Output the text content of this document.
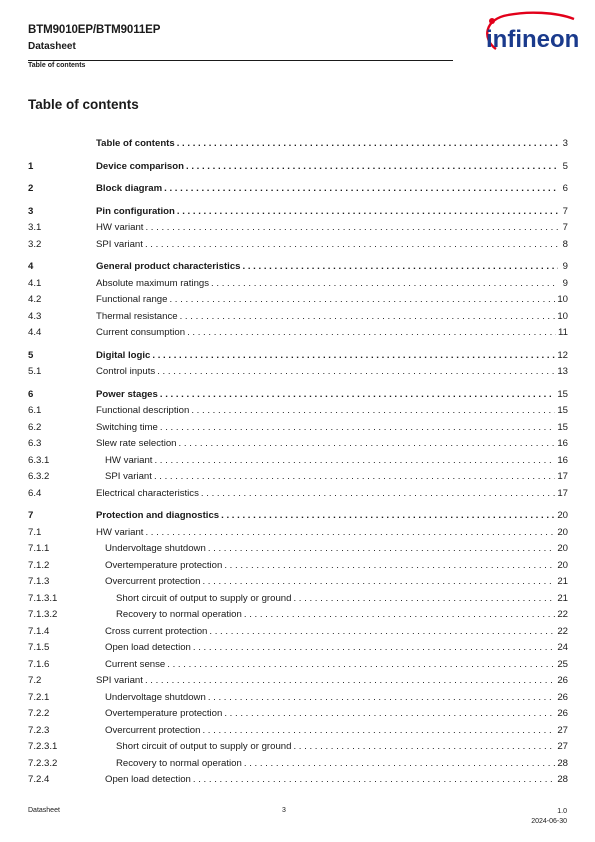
BTM9010EP/BTM9011EP
Datasheet
Table of contents
infineon
Table of contents
Table of contents . . .	3
1	Device comparison . . .	5
2	Block diagram . . .	6
3	Pin configuration . . .	7
3.1	HW variant . . .	7
3.2	SPI variant . . .	8
4	General product characteristics . . .	9
4.1	Absolute maximum ratings . . .	9
4.2	Functional range . . .	10
4.3	Thermal resistance . . .	10
4.4	Current consumption . . .	11
5	Digital logic . . .	12
5.1	Control inputs . . .	13
6	Power stages . . .	15
6.1	Functional description . . .	15
6.2	Switching time . . .	15
6.3	Slew rate selection . . .	16
6.3.1	HW variant . . .	16
6.3.2	SPI variant . . .	17
6.4	Electrical characteristics . . .	17
7	Protection and diagnostics . . .	20
7.1	HW variant . . .	20
7.1.1	Undervoltage shutdown . . .	20
7.1.2	Overtemperature protection . . .	20
7.1.3	Overcurrent protection . . .	21
7.1.3.1	Short circuit of output to supply or ground . . .	21
7.1.3.2	Recovery to normal operation . . .	22
7.1.4	Cross current protection . . .	22
7.1.5	Open load detection . . .	24
7.1.6	Current sense . . .	25
7.2	SPI variant . . .	26
7.2.1	Undervoltage shutdown . . .	26
7.2.2	Overtemperature protection . . .	26
7.2.3	Overcurrent protection . . .	27
7.2.3.1	Short circuit of output to supply or ground . . .	27
7.2.3.2	Recovery to normal operation . . .	28
7.2.4	Open load detection . . .	28
Datasheet	3	1.0
2024-06-30
